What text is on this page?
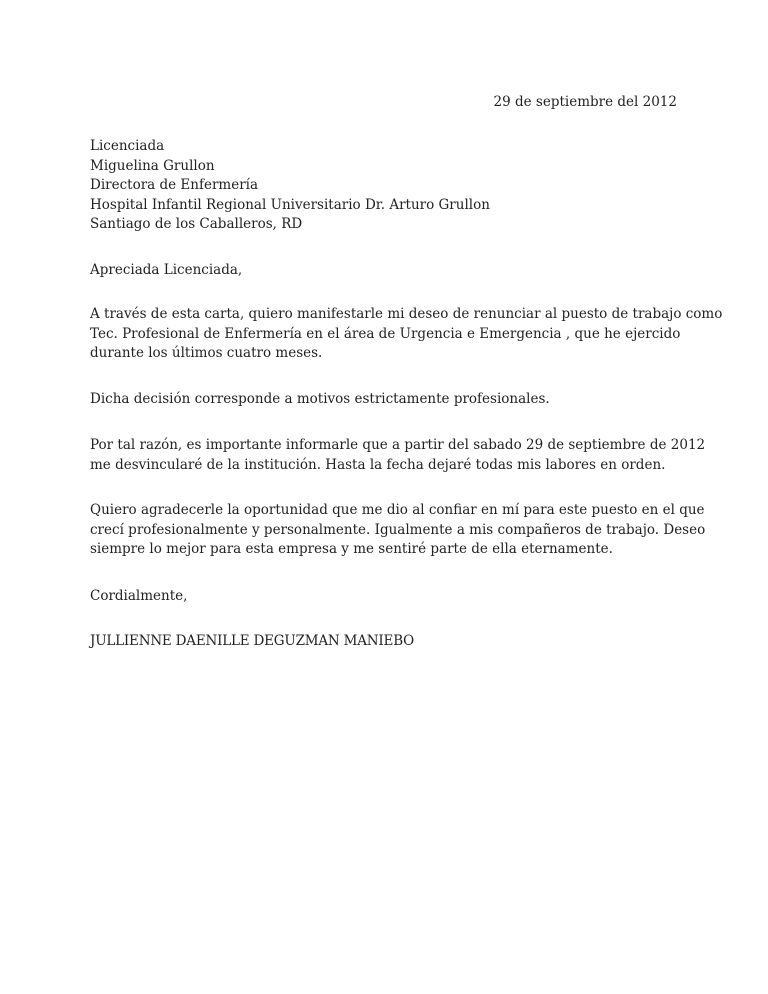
29 de septiembre del 2012
Licenciada
Miguelina Grullon
Directora de Enfermería
Hospital Infantil Regional Universitario Dr. Arturo Grullon
Santiago de los Caballeros, RD
Apreciada Licenciada,
A través de esta carta, quiero manifestarle mi deseo de renunciar al puesto de trabajo como
Tec. Profesional de Enfermería en el área de Urgencia e Emergencia , que he ejercido
durante los últimos cuatro meses.
Dicha decisión corresponde a motivos estrictamente profesionales.
Por tal razón, es importante informarle que a partir del sabado 29 de septiembre de 2012
me desvincularé de la institución. Hasta la fecha dejaré todas mis labores en orden.
Quiero agradecerle la oportunidad que me dio al confiar en mí para este puesto en el que
crecí profesionalmente y personalmente. Igualmente a mis compañeros de trabajo. Deseo
siempre lo mejor para esta empresa y me sentiré parte de ella eternamente.
Cordialmente,
JULLIENNE DAENILLE DEGUZMAN MANIEBO
